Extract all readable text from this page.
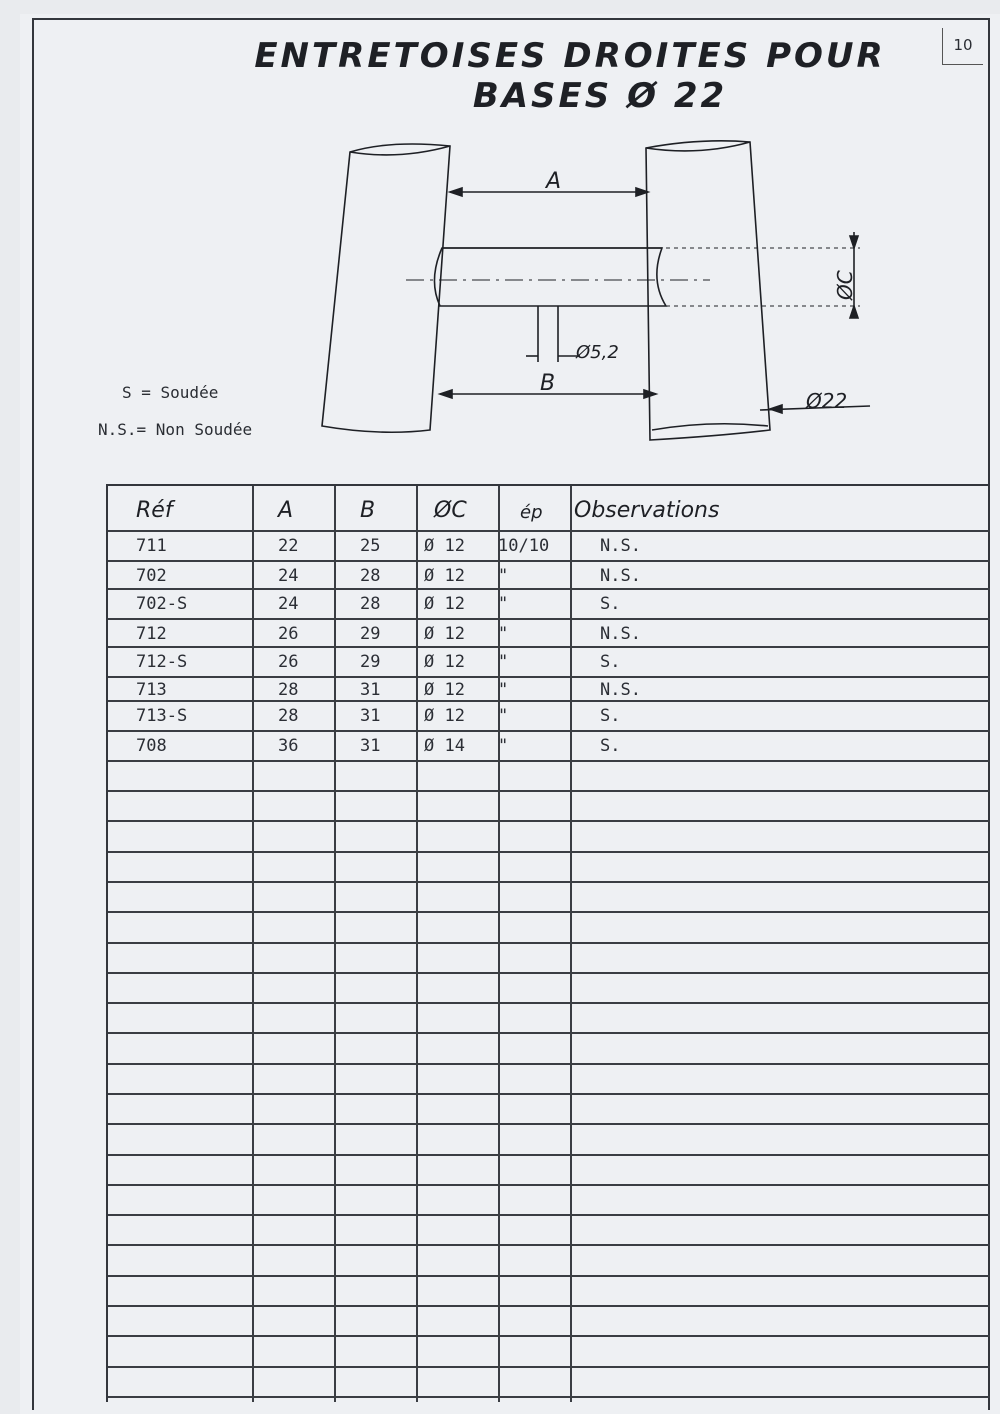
10
ENTRETOISES DROITES POUR
BASES Ø 22
A
B
Ø5,2
Ø22
ØC
S = Soudée
N.S.= Non Soudée
Réf	A	B	ØC	ép Observations
711	22	25	Ø 12 10/10	N.S.
702	24	28	Ø 12 "	N.S.
702-S	24	28	Ø 12 "	S.
712	26	29	Ø 12 "	N.S.
712-S	26	29	Ø 12 "	S.
713	28	31	Ø 12 "	N.S.
713-S	28	31	Ø 12 "	S.
708	36	31	Ø 14 "	S.
